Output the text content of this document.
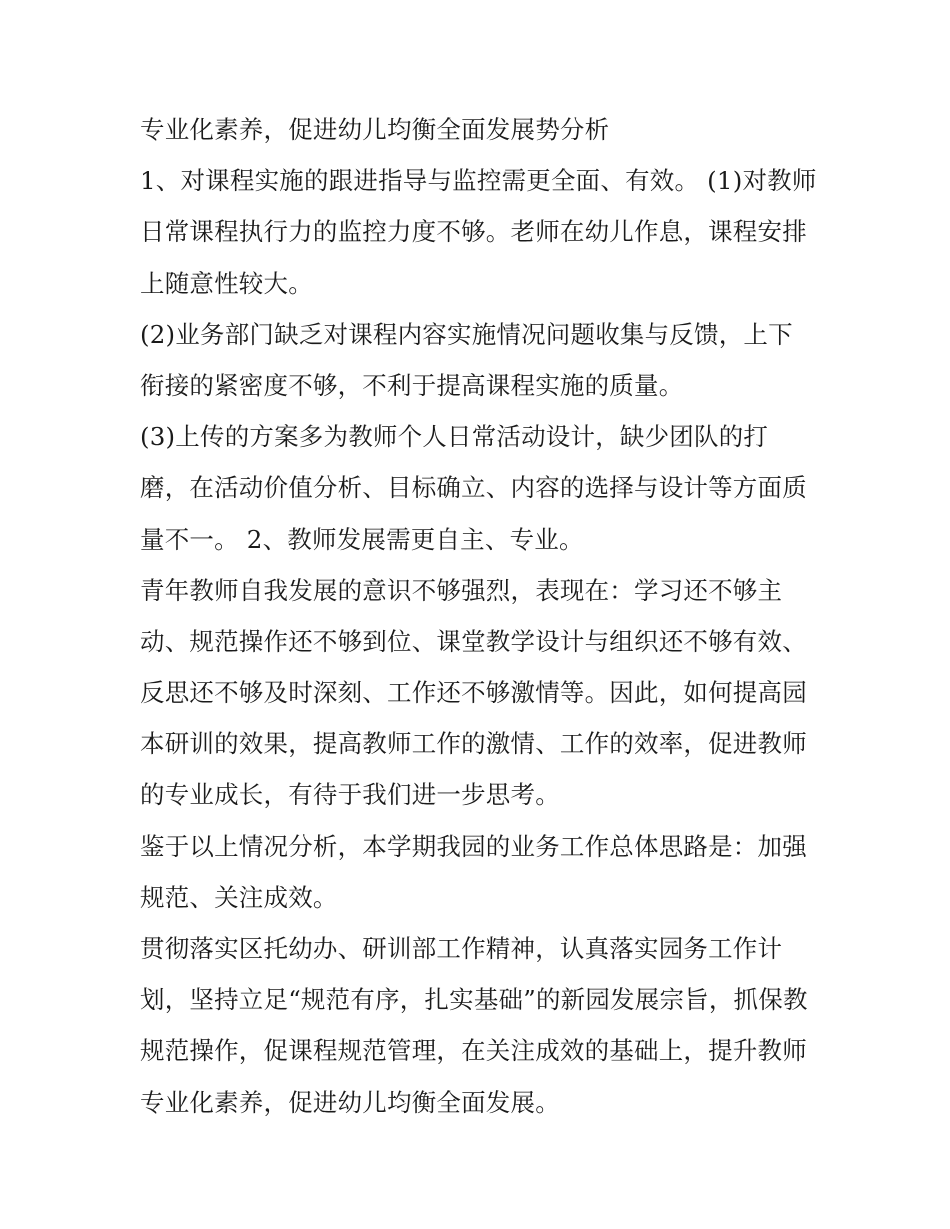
专业化素养，促进幼儿均衡全面发展势分析
1、对课程实施的跟进指导与监控需更全面、有效。 (1)对教师
日常课程执行力的监控力度不够。老师在幼儿作息，课程安排
上随意性较大。
(2)业务部门缺乏对课程内容实施情况问题收集与反馈，上下
衔接的紧密度不够，不利于提高课程实施的质量。
(3)上传的方案多为教师个人日常活动设计，缺少团队的打
磨，在活动价值分析、目标确立、内容的选择与设计等方面质
量不一。 2、教师发展需更自主、专业。
青年教师自我发展的意识不够强烈，表现在：学习还不够主
动、规范操作还不够到位、课堂教学设计与组织还不够有效、
反思还不够及时深刻、工作还不够激情等。因此，如何提高园
本研训的效果，提高教师工作的激情、工作的效率，促进教师
的专业成长，有待于我们进一步思考。
鉴于以上情况分析，本学期我园的业务工作总体思路是：加强
规范、关注成效。
贯彻落实区托幼办、研训部工作精神，认真落实园务工作计
划，坚持立足“规范有序，扎实基础”的新园发展宗旨，抓保教
规范操作，促课程规范管理，在关注成效的基础上，提升教师
专业化素养，促进幼儿均衡全面发展。
